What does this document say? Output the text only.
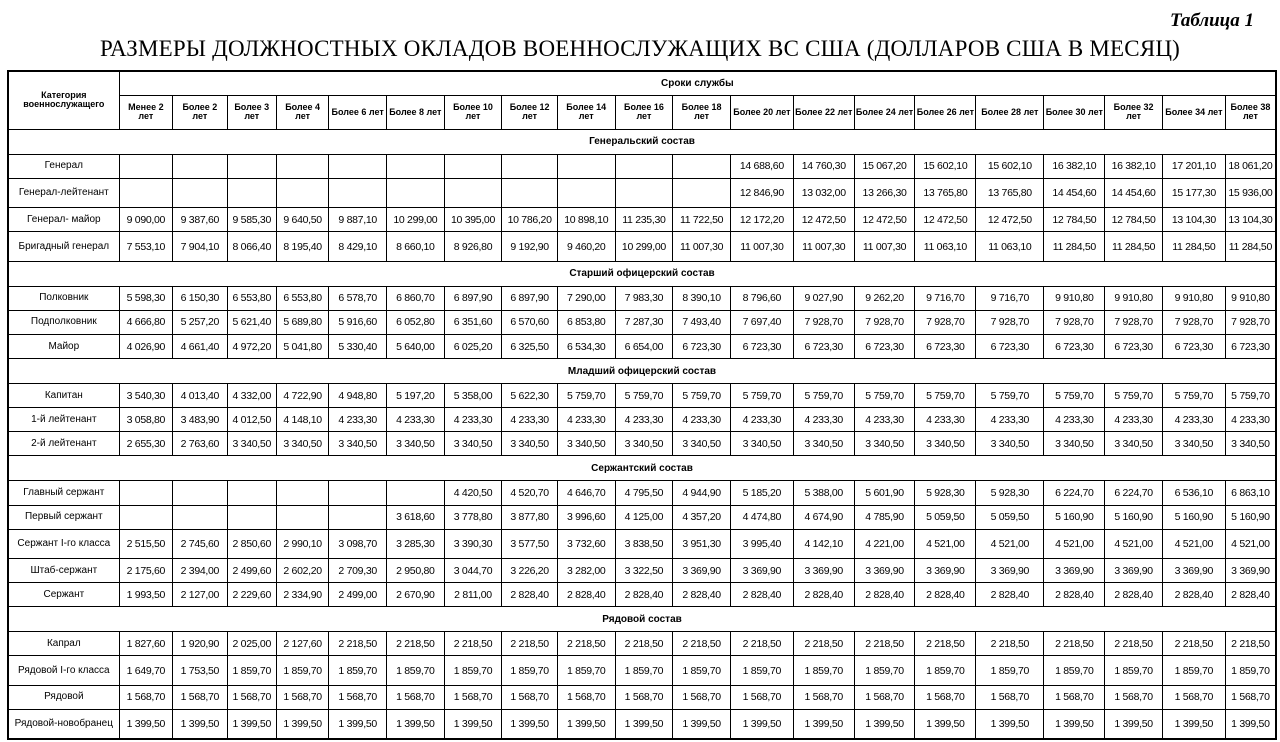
Таблица 1
РАЗМЕРЫ ДОЛЖНОСТНЫХ ОКЛАДОВ ВОЕННОСЛУЖАЩИХ ВС США (ДОЛЛАРОВ США В МЕСЯЦ)
Категория военнослужащего	Сроки службы																			
	Менее 2 лет	Более 2 лет	Более 3 лет	Более 4 лет	Более 6 лет	Более 8 лет	Более 10 лет	Более 12 лет	Более 14 лет	Более 16 лет	Более 18 лет	Более 20 лет	Более 22 лет	Более 24 лет	Более 26 лет	Более 28 лет	Более 30 лет	Более 32 лет	Более 34 лет	Более 38 лет
Генеральский состав																				
Генерал												14 688,60	14 760,30	15 067,20	15 602,10	15 602,10	16 382,10	16 382,10	17 201,10	18 061,20
Генерал-лейтенант												12 846,90	13 032,00	13 266,30	13 765,80	13 765,80	14 454,60	14 454,60	15 177,30	15 936,00
Генерал- майор	9 090,00	9 387,60	9 585,30	9 640,50	9 887,10	10 299,00	10 395,00	10 786,20	10 898,10	11 235,30	11 722,50	12 172,20	12 472,50	12 472,50	12 472,50	12 472,50	12 784,50	12 784,50	13 104,30	13 104,30
Бригадный генерал	7 553,10	7 904,10	8 066,40	8 195,40	8 429,10	8 660,10	8 926,80	9 192,90	9 460,20	10 299,00	11 007,30	11 007,30	11 007,30	11 007,30	11 063,10	11 063,10	11 284,50	11 284,50	11 284,50	11 284,50
Старший офицерский состав																				
Полковник	5 598,30	6 150,30	6 553,80	6 553,80	6 578,70	6 860,70	6 897,90	6 897,90	7 290,00	7 983,30	8 390,10	8 796,60	9 027,90	9 262,20	9 716,70	9 716,70	9 910,80	9 910,80	9 910,80	9 910,80
Подполковник	4 666,80	5 257,20	5 621,40	5 689,80	5 916,60	6 052,80	6 351,60	6 570,60	6 853,80	7 287,30	7 493,40	7 697,40	7 928,70	7 928,70	7 928,70	7 928,70	7 928,70	7 928,70	7 928,70	7 928,70
Майор	4 026,90	4 661,40	4 972,20	5 041,80	5 330,40	5 640,00	6 025,20	6 325,50	6 534,30	6 654,00	6 723,30	6 723,30	6 723,30	6 723,30	6 723,30	6 723,30	6 723,30	6 723,30	6 723,30	6 723,30
Младший офицерский состав																				
Капитан	3 540,30	4 013,40	4 332,00	4 722,90	4 948,80	5 197,20	5 358,00	5 622,30	5 759,70	5 759,70	5 759,70	5 759,70	5 759,70	5 759,70	5 759,70	5 759,70	5 759,70	5 759,70	5 759,70	5 759,70
1-й лейтенант	3 058,80	3 483,90	4 012,50	4 148,10	4 233,30	4 233,30	4 233,30	4 233,30	4 233,30	4 233,30	4 233,30	4 233,30	4 233,30	4 233,30	4 233,30	4 233,30	4 233,30	4 233,30	4 233,30	4 233,30
2-й лейтенант	2 655,30	2 763,60	3 340,50	3 340,50	3 340,50	3 340,50	3 340,50	3 340,50	3 340,50	3 340,50	3 340,50	3 340,50	3 340,50	3 340,50	3 340,50	3 340,50	3 340,50	3 340,50	3 340,50	3 340,50
Сержантский состав																				
Главный сержант							4 420,50	4 520,70	4 646,70	4 795,50	4 944,90	5 185,20	5 388,00	5 601,90	5 928,30	5 928,30	6 224,70	6 224,70	6 536,10	6 863,10
Первый сержант						3 618,60	3 778,80	3 877,80	3 996,60	4 125,00	4 357,20	4 474,80	4 674,90	4 785,90	5 059,50	5 059,50	5 160,90	5 160,90	5 160,90	5 160,90
Сержант I-го класса	2 515,50	2 745,60	2 850,60	2 990,10	3 098,70	3 285,30	3 390,30	3 577,50	3 732,60	3 838,50	3 951,30	3 995,40	4 142,10	4 221,00	4 521,00	4 521,00	4 521,00	4 521,00	4 521,00	4 521,00
Штаб-сержант	2 175,60	2 394,00	2 499,60	2 602,20	2 709,30	2 950,80	3 044,70	3 226,20	3 282,00	3 322,50	3 369,90	3 369,90	3 369,90	3 369,90	3 369,90	3 369,90	3 369,90	3 369,90	3 369,90	3 369,90
Сержант	1 993,50	2 127,00	2 229,60	2 334,90	2 499,00	2 670,90	2 811,00	2 828,40	2 828,40	2 828,40	2 828,40	2 828,40	2 828,40	2 828,40	2 828,40	2 828,40	2 828,40	2 828,40	2 828,40	2 828,40
Рядовой состав																				
Капрал	1 827,60	1 920,90	2 025,00	2 127,60	2 218,50	2 218,50	2 218,50	2 218,50	2 218,50	2 218,50	2 218,50	2 218,50	2 218,50	2 218,50	2 218,50	2 218,50	2 218,50	2 218,50	2 218,50	2 218,50
Рядовой I-го класса	1 649,70	1 753,50	1 859,70	1 859,70	1 859,70	1 859,70	1 859,70	1 859,70	1 859,70	1 859,70	1 859,70	1 859,70	1 859,70	1 859,70	1 859,70	1 859,70	1 859,70	1 859,70	1 859,70	1 859,70
Рядовой	1 568,70	1 568,70	1 568,70	1 568,70	1 568,70	1 568,70	1 568,70	1 568,70	1 568,70	1 568,70	1 568,70	1 568,70	1 568,70	1 568,70	1 568,70	1 568,70	1 568,70	1 568,70	1 568,70	1 568,70
Рядовой-новобранец	1 399,50	1 399,50	1 399,50	1 399,50	1 399,50	1 399,50	1 399,50	1 399,50	1 399,50	1 399,50	1 399,50	1 399,50	1 399,50	1 399,50	1 399,50	1 399,50	1 399,50	1 399,50	1 399,50	1 399,50
